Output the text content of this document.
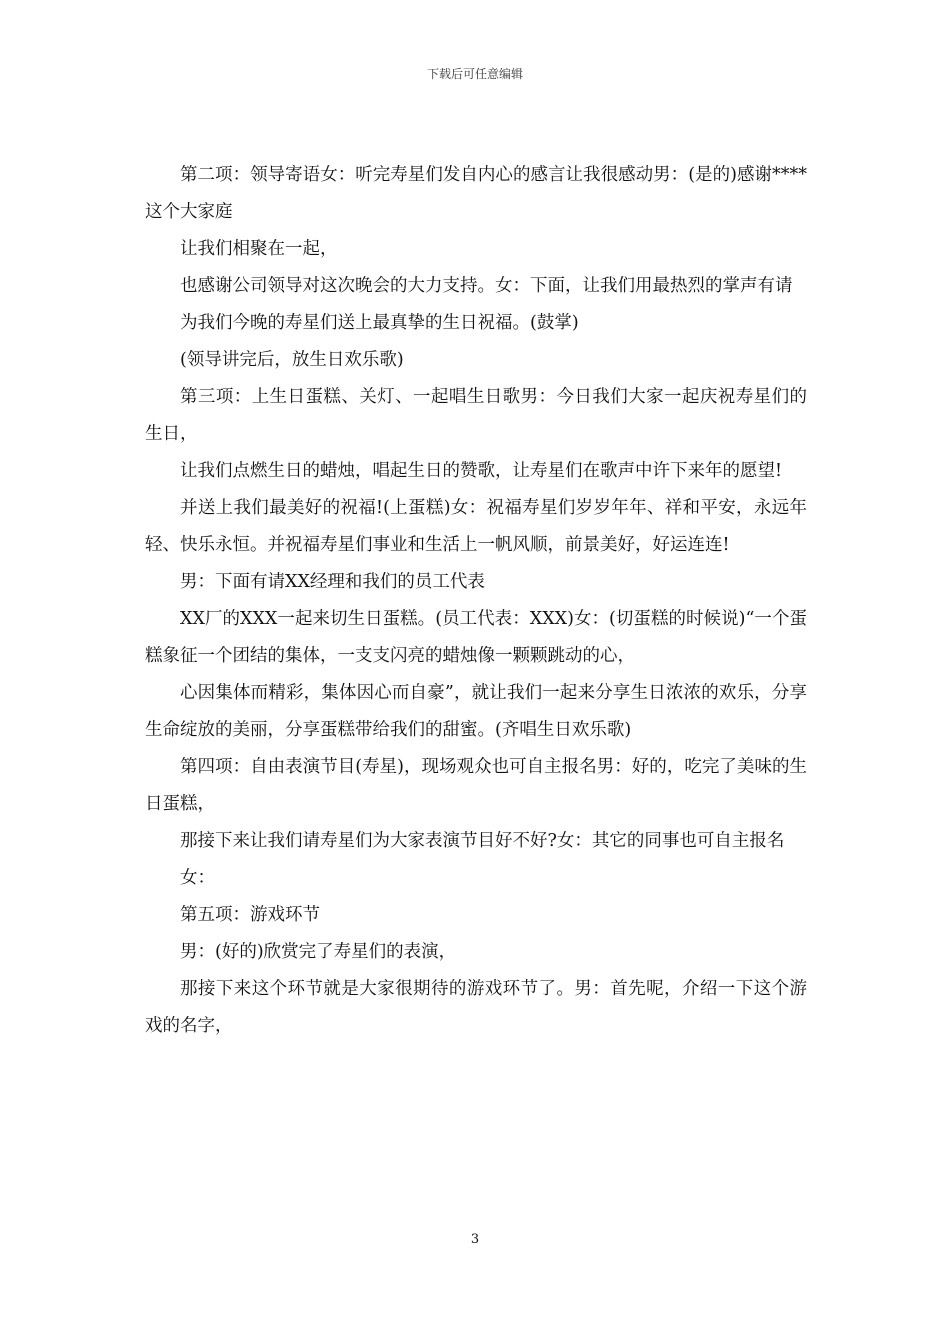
下载后可任意编辑

第二项：领导寄语女：听完寿星们发自内心的感言让我很感动男：(是的)感谢****这个大家庭

让我们相聚在一起，

也感谢公司领导对这次晚会的大力支持。女：下面，让我们用最热烈的掌声有请

为我们今晚的寿星们送上最真挚的生日祝福。(鼓掌)

(领导讲完后，放生日欢乐歌)

第三项：上生日蛋糕、关灯、一起唱生日歌男：今日我们大家一起庆祝寿星们的生日，

让我们点燃生日的蜡烛，唱起生日的赞歌，让寿星们在歌声中许下来年的愿望!

并送上我们最美好的祝福!(上蛋糕)女：祝福寿星们岁岁年年、祥和平安，永远年轻、快乐永恒。并祝福寿星们事业和生活上一帆风顺，前景美好，好运连连!

男：下面有请XX经理和我们的员工代表

XX厂的XXX一起来切生日蛋糕。(员工代表：XXX)女：(切蛋糕的时候说)“一个蛋糕象征一个团结的集体，一支支闪亮的蜡烛像一颗颗跳动的心，

心因集体而精彩，集体因心而自豪”，就让我们一起来分享生日浓浓的欢乐，分享生命绽放的美丽，分享蛋糕带给我们的甜蜜。(齐唱生日欢乐歌)

第四项：自由表演节目(寿星)，现场观众也可自主报名男：好的，吃完了美味的生日蛋糕，

那接下来让我们请寿星们为大家表演节目好不好?女：其它的同事也可自主报名

女：

第五项：游戏环节

男：(好的)欣赏完了寿星们的表演，

那接下来这个环节就是大家很期待的游戏环节了。男：首先呢，介绍一下这个游戏的名字，

3
